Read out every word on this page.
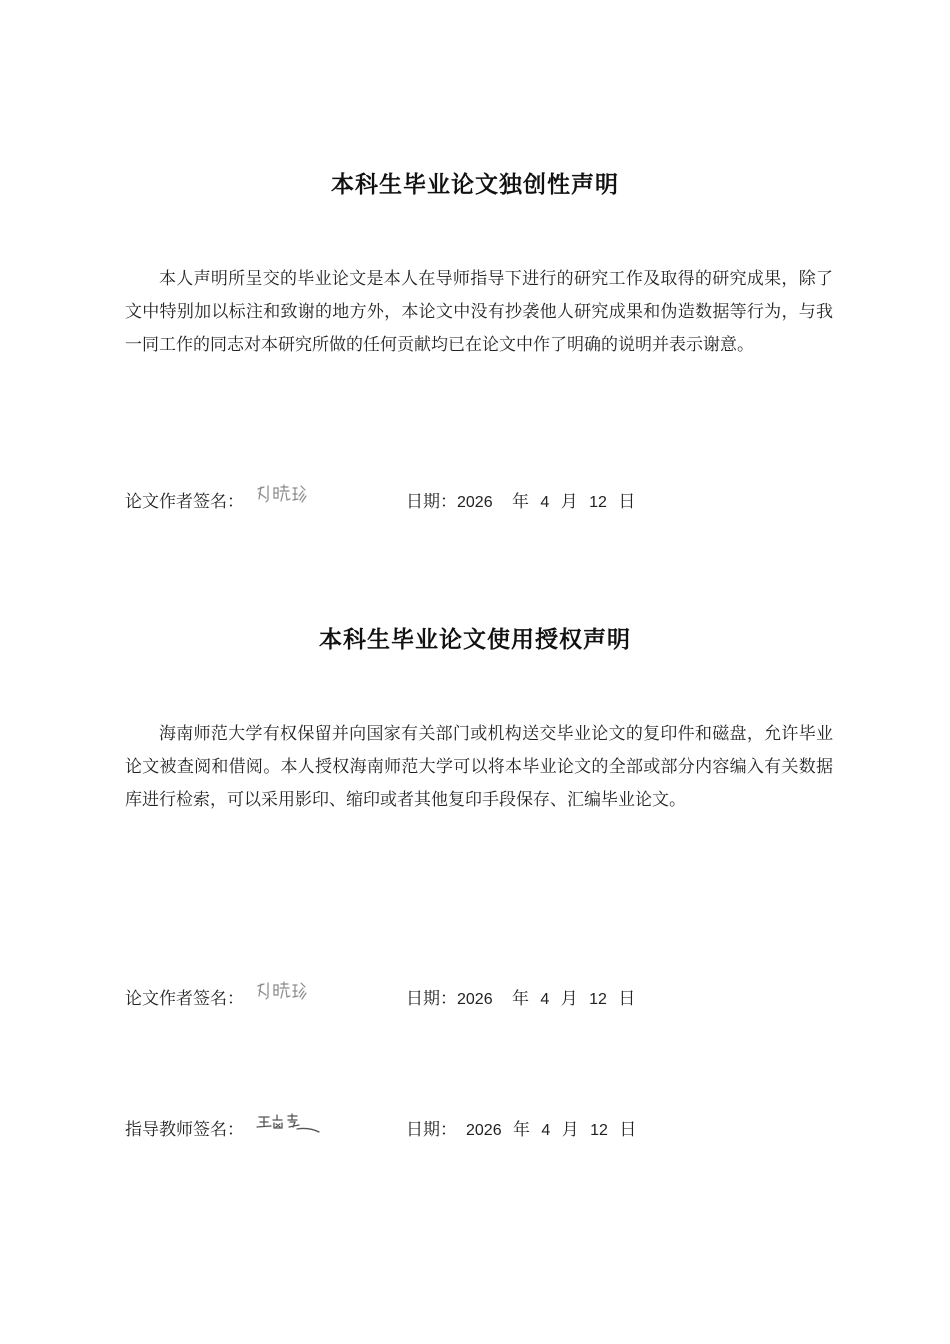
本科生毕业论文独创性声明
本人声明所呈交的毕业论文是本人在导师指导下进行的研究工作及取得的研究成果，除了文中特别加以标注和致谢的地方外，本论文中没有抄袭他人研究成果和伪造数据等行为，与我一同工作的同志对本研究所做的任何贡献均已在论文中作了明确的说明并表示谢意。
论文作者签名：	日期：2026 年 4 月 12 日
本科生毕业论文使用授权声明
海南师范大学有权保留并向国家有关部门或机构送交毕业论文的复印件和磁盘，允许毕业论文被查阅和借阅。本人授权海南师范大学可以将本毕业论文的全部或部分内容编入有关数据库进行检索，可以采用影印、缩印或者其他复印手段保存、汇编毕业论文。
论文作者签名：	日期：2026 年 4 月 12 日
指导教师签名：	日期： 2026 年 4 月 12 日
